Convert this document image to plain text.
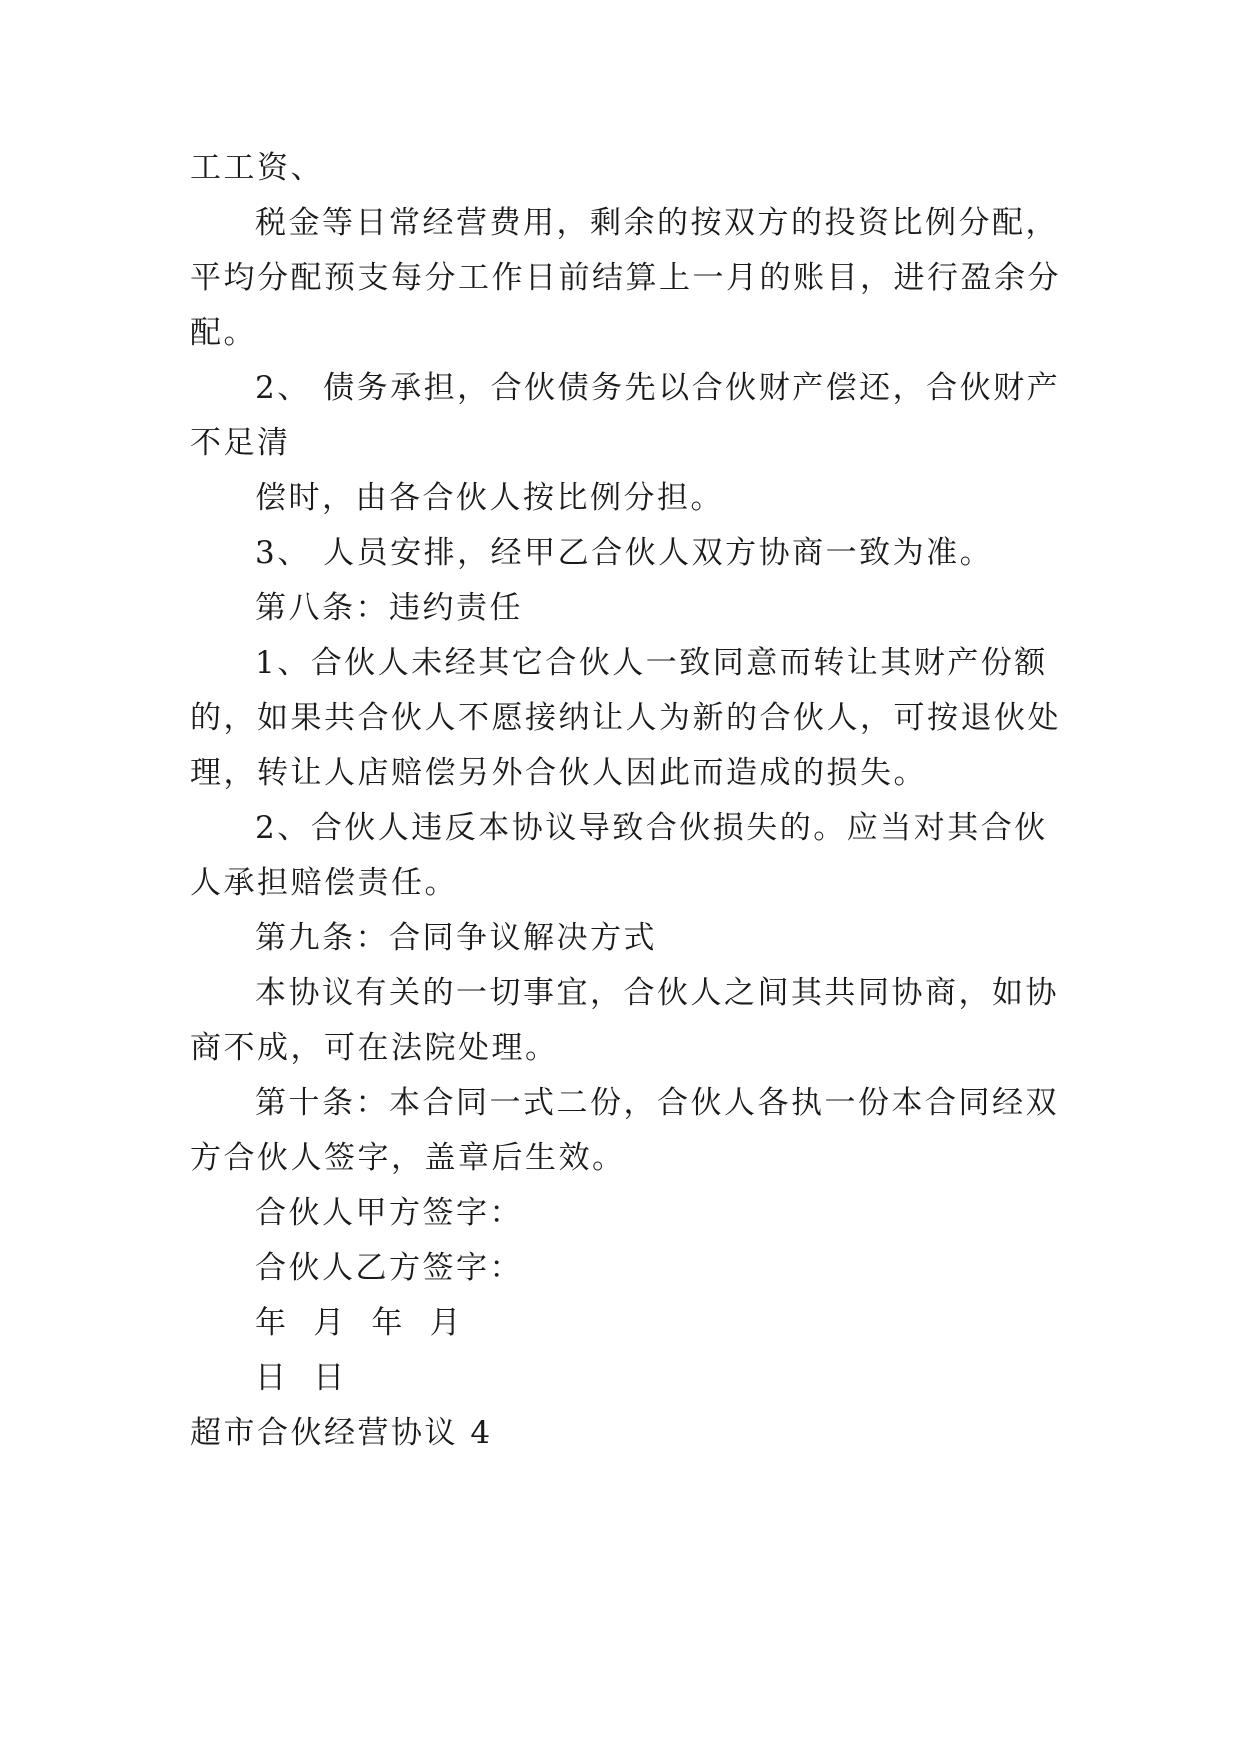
工工资、
税金等日常经营费用，剩余的按双方的投资比例分配，
平均分配预支每分工作日前结算上一月的账目，进行盈余分
配。
2、 债务承担，合伙债务先以合伙财产偿还，合伙财产
不足清
偿时，由各合伙人按比例分担。
3、 人员安排，经甲乙合伙人双方协商一致为准。
第八条：违约责任
1、合伙人未经其它合伙人一致同意而转让其财产份额
的，如果共合伙人不愿接纳让人为新的合伙人，可按退伙处
理，转让人店赔偿另外合伙人因此而造成的损失。
2、合伙人违反本协议导致合伙损失的。应当对其合伙
人承担赔偿责任。
第九条：合同争议解决方式
本协议有关的一切事宜，合伙人之间其共同协商，如协
商不成，可在法院处理。
第十条：本合同一式二份，合伙人各执一份本合同经双
方合伙人签字，盖章后生效。
合伙人甲方签字：
合伙人乙方签字：
年  月  年  月
日  日
超市合伙经营协议 4
